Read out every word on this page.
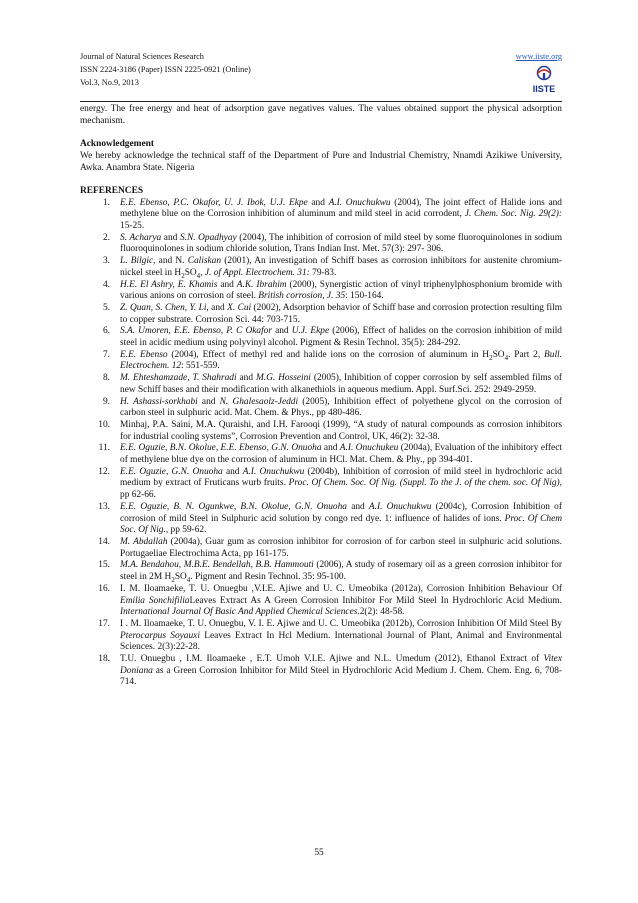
Journal of Natural Sciences Research	www.iiste.org
ISSN 2224-3186 (Paper) ISSN 2225-0921 (Online)
Vol.3, No.9, 2013
IISTE

energy. The free energy and heat of adsorption gave negatives values. The values obtained support the physical adsorption mechanism.

Acknowledgement

We hereby acknowledge the technical staff of the Department of Pure and Industrial Chemistry, Nnamdi Azikiwe University, Awka. Anambra State. Nigeria

REFERENCES

1.	E.E. Ebenso, P.C. Okafor, U. J. Ibok, U.J. Ekpe and A.I. Onuchukwu (2004), The joint effect of Halide ions and methylene blue on the Corrosion inhibition of aluminum and mild steel in acid corrodent, J. Chem. Soc. Nig. 29(2): 15-25.
2.	S. Acharya and S.N. Opadhyay (2004), The inhibition of corrosion of mild steel by some fluoroquinolones in sodium fluoroquinolones in sodium chloride solution, Trans Indian Inst. Met. 57(3): 297- 306.
3.	L. Bilgic, and N. Caliskan (2001), An investigation of Schiff bases as corrosion inhibitors for austenite chromium-nickel steel in $H_2SO_4$, J. of Appl. Electrochem. 31: 79-83.
4.	H.E. El Ashry, E. Khamis and A.K. Ibrahim (2000), Synergistic action of vinyl triphenylphosphonium bromide with various anions on corrosion of steel. British corrosion, J. 35: 150-164.
5.	Z. Quan, S. Chen, Y. Li, and X. Cui (2002), Adsorption behavior of Schiff base and corrosion protection resulting film to copper substrate. Corrosion Sci. 44: 703-715.
6.	S.A. Umoren, E.E. Ebenso, P. C Okafor and U.J. Ekpe (2006), Effect of halides on the corrosion inhibition of mild steel in acidic medium using polyvinyl alcohol. Pigment & Resin Technol. 35(5): 284-292.
7.	E.E. Ebenso (2004), Effect of methyl red and halide ions on the corrosion of aluminum in $H_2SO_4$. Part 2, Bull. Electrochem. 12: 551-559.
8.	M. Ehteshamzade, T. Shahradi and M.G. Hosseini (2005), Inhibition of copper corrosion by self assembled films of new Schiff bases and their modification with alkanethiols in aqueous medium. Appl. Surf.Sci. 252: 2949-2959.
9.	H. Ashassi-sorkhabi and N. Ghalesaolz-Jeddi (2005), Inhibition effect of polyethene glycol on the corrosion of carbon steel in sulphuric acid. Mat. Chem. & Phys., pp 480-486.
10.	Minhaj, P.A. Saini, M.A. Quraishi, and I.H. Farooqi (1999), “A study of natural compounds as corrosion inhibitors for industrial cooling systems”, Corrosion Prevention and Control, UK, 46(2): 32-38.
11.	E.E. Oguzie, B.N. Okolue, E.E. Ebenso, G.N. Onuoha and A.I. Onuchukeu (2004a), Evaluation of the inhibitory effect of methylene blue dye on the corrosion of aluminum in HCl. Mat. Chem. & Phy., pp 394-401.
12.	E.E. Oguzie, G.N. Onuoha and A.I. Onuchukwu (2004b), Inhibition of corrosion of mild steel in hydrochloric acid medium by extract of Fruticans wurb fruits. Proc. Of Chem. Soc. Of Nig. (Suppl. To the J. of the chem. soc. Of Nig), pp 62-66.
13.	E.E. Oguzie, B. N. Ogunkwe, B.N. Okolue, G.N. Onuoha and A.I. Onuchukwu (2004c), Corrosion Inhibition of corrosion of mild Steel in Sulphuric acid solution by congo red dye. 1: influence of halides of ions. Proc. Of Chem Soc. Of Nig., pp 59-62.
14.	M. Abdallah (2004a), Guar gum as corrosion inhibitor for corrosion of for carbon steel in sulphuric acid solutions. Portugaeliae Electrochima Acta, pp 161-175.
15.	M.A. Bendahou, M.B.E. Bendellah, B.B. Hammouti (2006), A study of rosemary oil as a green corrosion inhibitor for steel in 2M $H_2SO_4$. Pigment and Resin Technol. 35: 95-100.
16.	I. M. Iloamaeke, T. U. Onuegbu ,V.I.E. Ajiwe and U. C. Umeobika (2012a), Corrosion Inhibition Behaviour Of Emilia SonchifiliaLeaves Extract As A Green Corrosion Inhibitor For Mild Steel In Hydrochloric Acid Medium. International Journal Of Basic And Applied Chemical Sciences.2(2): 48-58.
17.	I . M. Iloamaeke, T. U. Onuegbu, V. I. E. Ajiwe and U. C. Umeobika (2012b), Corrosion Inhibition Of Mild Steel By Pterocarpus Soyauxi Leaves Extract In Hcl Medium. International Journal of Plant, Animal and Environmental Sciences. 2(3):22-28.
18.	T.U. Onuegbu , I.M. Iloamaeke , E.T. Umoh V.I.E. Ajiwe and N.L. Umedum (2012), Ethanol Extract of Vitex Doniana as a Green Corrosion Inhibitor for Mild Steel in Hydrochloric Acid Medium J. Chem. Chem. Eng. 6, 708-714.
55
